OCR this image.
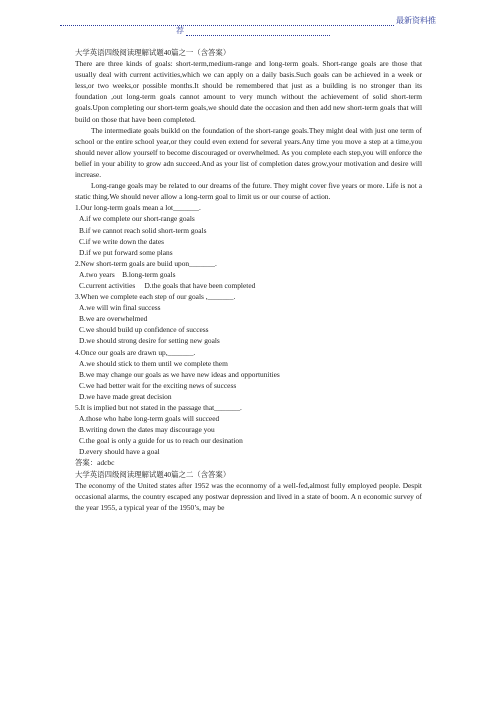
最新资料推
荐

大学英语四级阅读理解试题40篇之一（含答案）

There are three kinds of goals: short-term,medium-range and long-term goals. Short-range goals are those that usually deal with current activities,which we can apply on a daily basis.Such goals can be achieved in a week or less,or two weeks,or possible months.It should be remembered that just as a building is no stronger than its foundation ,out long-term goals cannot amount to very munch without the achievement of solid short-term goals.Upon completing our short-term goals,we should date the occasion and then add new short-term goals that will build on those that have been completed.

The intermediate goals buikld on the foundation of the short-range goals.They might deal with just one term of school or the entire school year,or they could even extend for several years.Any time you move a step at a time,you should never allow yourself to become discouraged or overwhelmed. As you complete each step,you will enforce the belief in your ability to grow adn succeed.And as your list of completion dates grow,your motivation and desire will increase.

Long-range goals may be related to our dreams of the future. They might cover five years or more. Life is not a static thing.We should never allow a long-term goal to limit us or our course of action.

1.Our long-term goals mean a lot_______.

A.if we complete our short-range goals

B.if we cannot reach solid short-term goals

C.if we write down the dates

D.if we put forward some plans

2.New short-term goals are buiid upon_______.

A.two years    B.long-term goals

C.current activities     D.the goals that have been completed

3.When we complete each step of our goals ,_______.

A.we will win final success

B.we are overwhelmed

C.we should build up confidence of success

D.we should strong desire for setting new goals

4.Once our goals are drawn up,_______.

A.we should stick to them until we complete them

B.we may change our goals as we have new ideas and opportunities

C.we had better wait for the exciting news of success

D.we have made great decision

5.It is implied but not stated in the passage that_______.

A.those who habe long-term goals will succeed

B.writing down the dates may discourage you

C.the goal is only a guide for us to reach our desination

D.every should have a goal

答案：adcbc

大学英语四级阅读理解试题40篇之二（含答案）

The economy of the United states after 1952 was the econnomy of a well-fed,almost fully employed people. Despit occasional alarms, the country escaped any postwar depression and lived in a state of boom. A n economic survey of the year 1955, a typical year of the 1950’s, may be
